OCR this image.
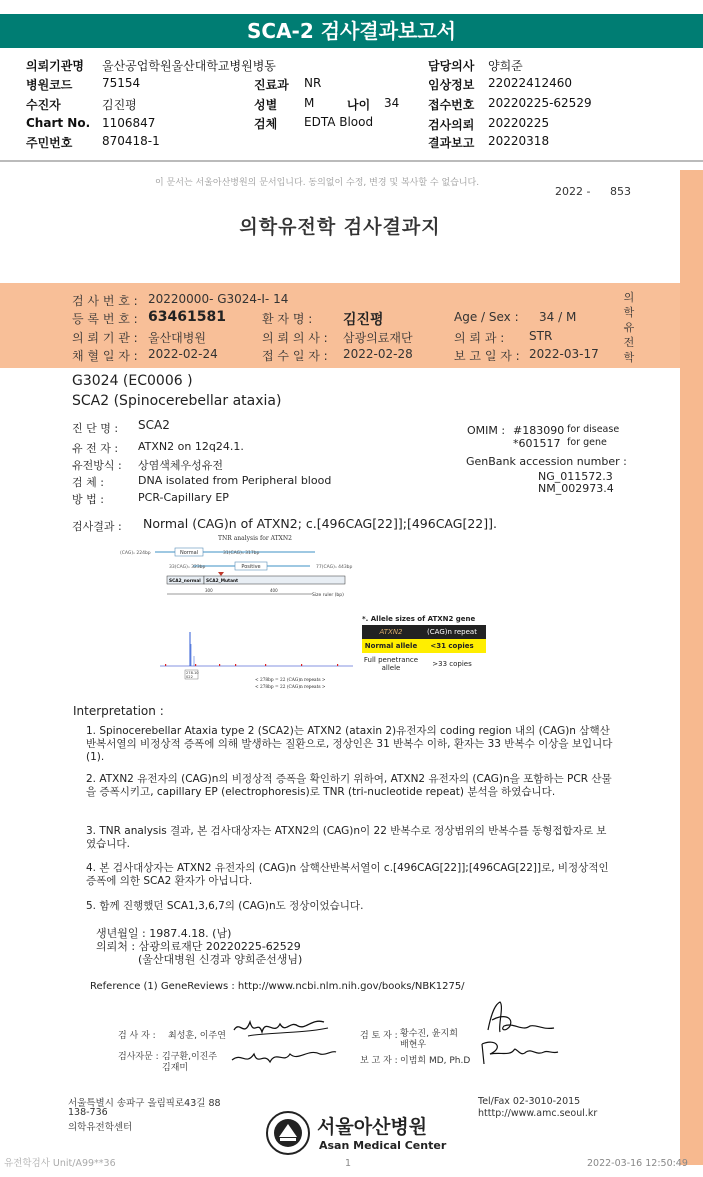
SCA-2 검사결과보고서
의뢰기관명 울산공업학원울산대학교병원병동
병원코드 75154
수진자	김진평
Chart No. 1106847
주민번호 870418-1
진료과 NR
성별 M	나이 34
검체 EDTA Blood
담당의사 양희준
임상정보 22022412460
접수번호 20220225-62529
검사의뢰 20220225
결과보고 20220318
이 문서는 서울아산병원의 문서입니다. 동의없이 수정, 변경 및 복사할 수 없습니다.
2022 - 853
의학유전학 검사결과지
의학유전학
검 사 번 호 : 20220000- G3024-I- 14
등 록 번 호 : 63461581	환 자 명 : 김진평	Age / Sex : 34 / M
의 뢰 기 관 : 울산대병원	의 뢰 의 사 : 삼광의료재단	의 뢰 과 : STR
채 혈 일 자 : 2022-02-24	접 수 일 자 : 2022-02-28	보 고 일 자 : 2022-03-17
G3024 (EC0006 )
SCA2 (Spinocerebellar ataxia)
진 단 명 : SCA2
유 전 자 : ATXN2 on 12q24.1.
유전방식 : 상염색체우성유전
검 체 :	DNA isolated from Peripheral blood
방 법 :	PCR-Capillary EP
OMIM : #183090 for disease
*601517 for gene
GenBank accession number :
NG_011572.3
NM_002973.4
검사결과 : Normal (CAG)n of ATXN2; c.[496CAG[22]];[496CAG[22]].
TNR analysis for ATXN2
Normal
(CAG)ₙ 224bp	31(CAG)ₙ 317bp
Positive
33(CAG)ₙ 323bp	77(CAG)ₙ 443bp
SCA2_normal SCA2_Mutant
300	400
Size ruler (bp)
278.10
022
< 278bp = 22 (CAG)n repeats >
< 278bp = 22 (CAG)n repeats >
*. Allele sizes of ATXN2 gene
ATXN2	(CAG)n repeat
Normal allele	<31 copies
Full penetrance allele	>33 copies
Interpretation :
1. Spinocerebellar Ataxia type 2 (SCA2)는 ATXN2 (ataxin 2)유전자의 coding region 내의 (CAG)n 삼핵산 반복서열의 비정상적 증폭에 의해 발생하는 질환으로, 정상인은 31 반복수 이하, 환자는 33 반복수 이상을 보입니다 (1).
2. ATXN2 유전자의 (CAG)n의 비정상적 증폭을 확인하기 위하여, ATXN2 유전자의 (CAG)n을 포함하는 PCR 산물을 증폭시키고, capillary EP (electrophoresis)로 TNR (tri-nucleotide repeat) 분석을 하였습니다.
3. TNR analysis 결과, 본 검사대상자는 ATXN2의 (CAG)n이 22 반복수로 정상범위의 반복수를 동형접합자로 보였습니다.
4. 본 검사대상자는 ATXN2 유전자의 (CAG)n 삼핵산반복서열이 c.[496CAG[22]];[496CAG[22]]로, 비정상적인 증폭에 의한 SCA2 환자가 아닙니다.
5. 함께 진행했던 SCA1,3,6,7의 (CAG)n도 정상이었습니다.
생년월일 : 1987.4.18. (남)
의뢰처 : 삼광의료재단 20220225-62529
(울산대병원 신경과 양희준선생님)
Reference (1) GeneReviews : http://www.ncbi.nlm.nih.gov/books/NBK1275/
검 사 자 : 최성훈, 이주연
검사자문 : 김구환,이진주
김재미
검 토 자 : 황수진, 윤지희
배현우
보 고 자 : 이범희 MD, Ph.D
서울특별시 송파구 올림픽로43길 88
138-736
의학유전학센터
Tel/Fax 02-3010-2015
htttp://www.amc.seoul.kr
서울아산병원
Asan Medical Center
유전학검사 Unit/A99**36	1	2022-03-16 12:50:49
